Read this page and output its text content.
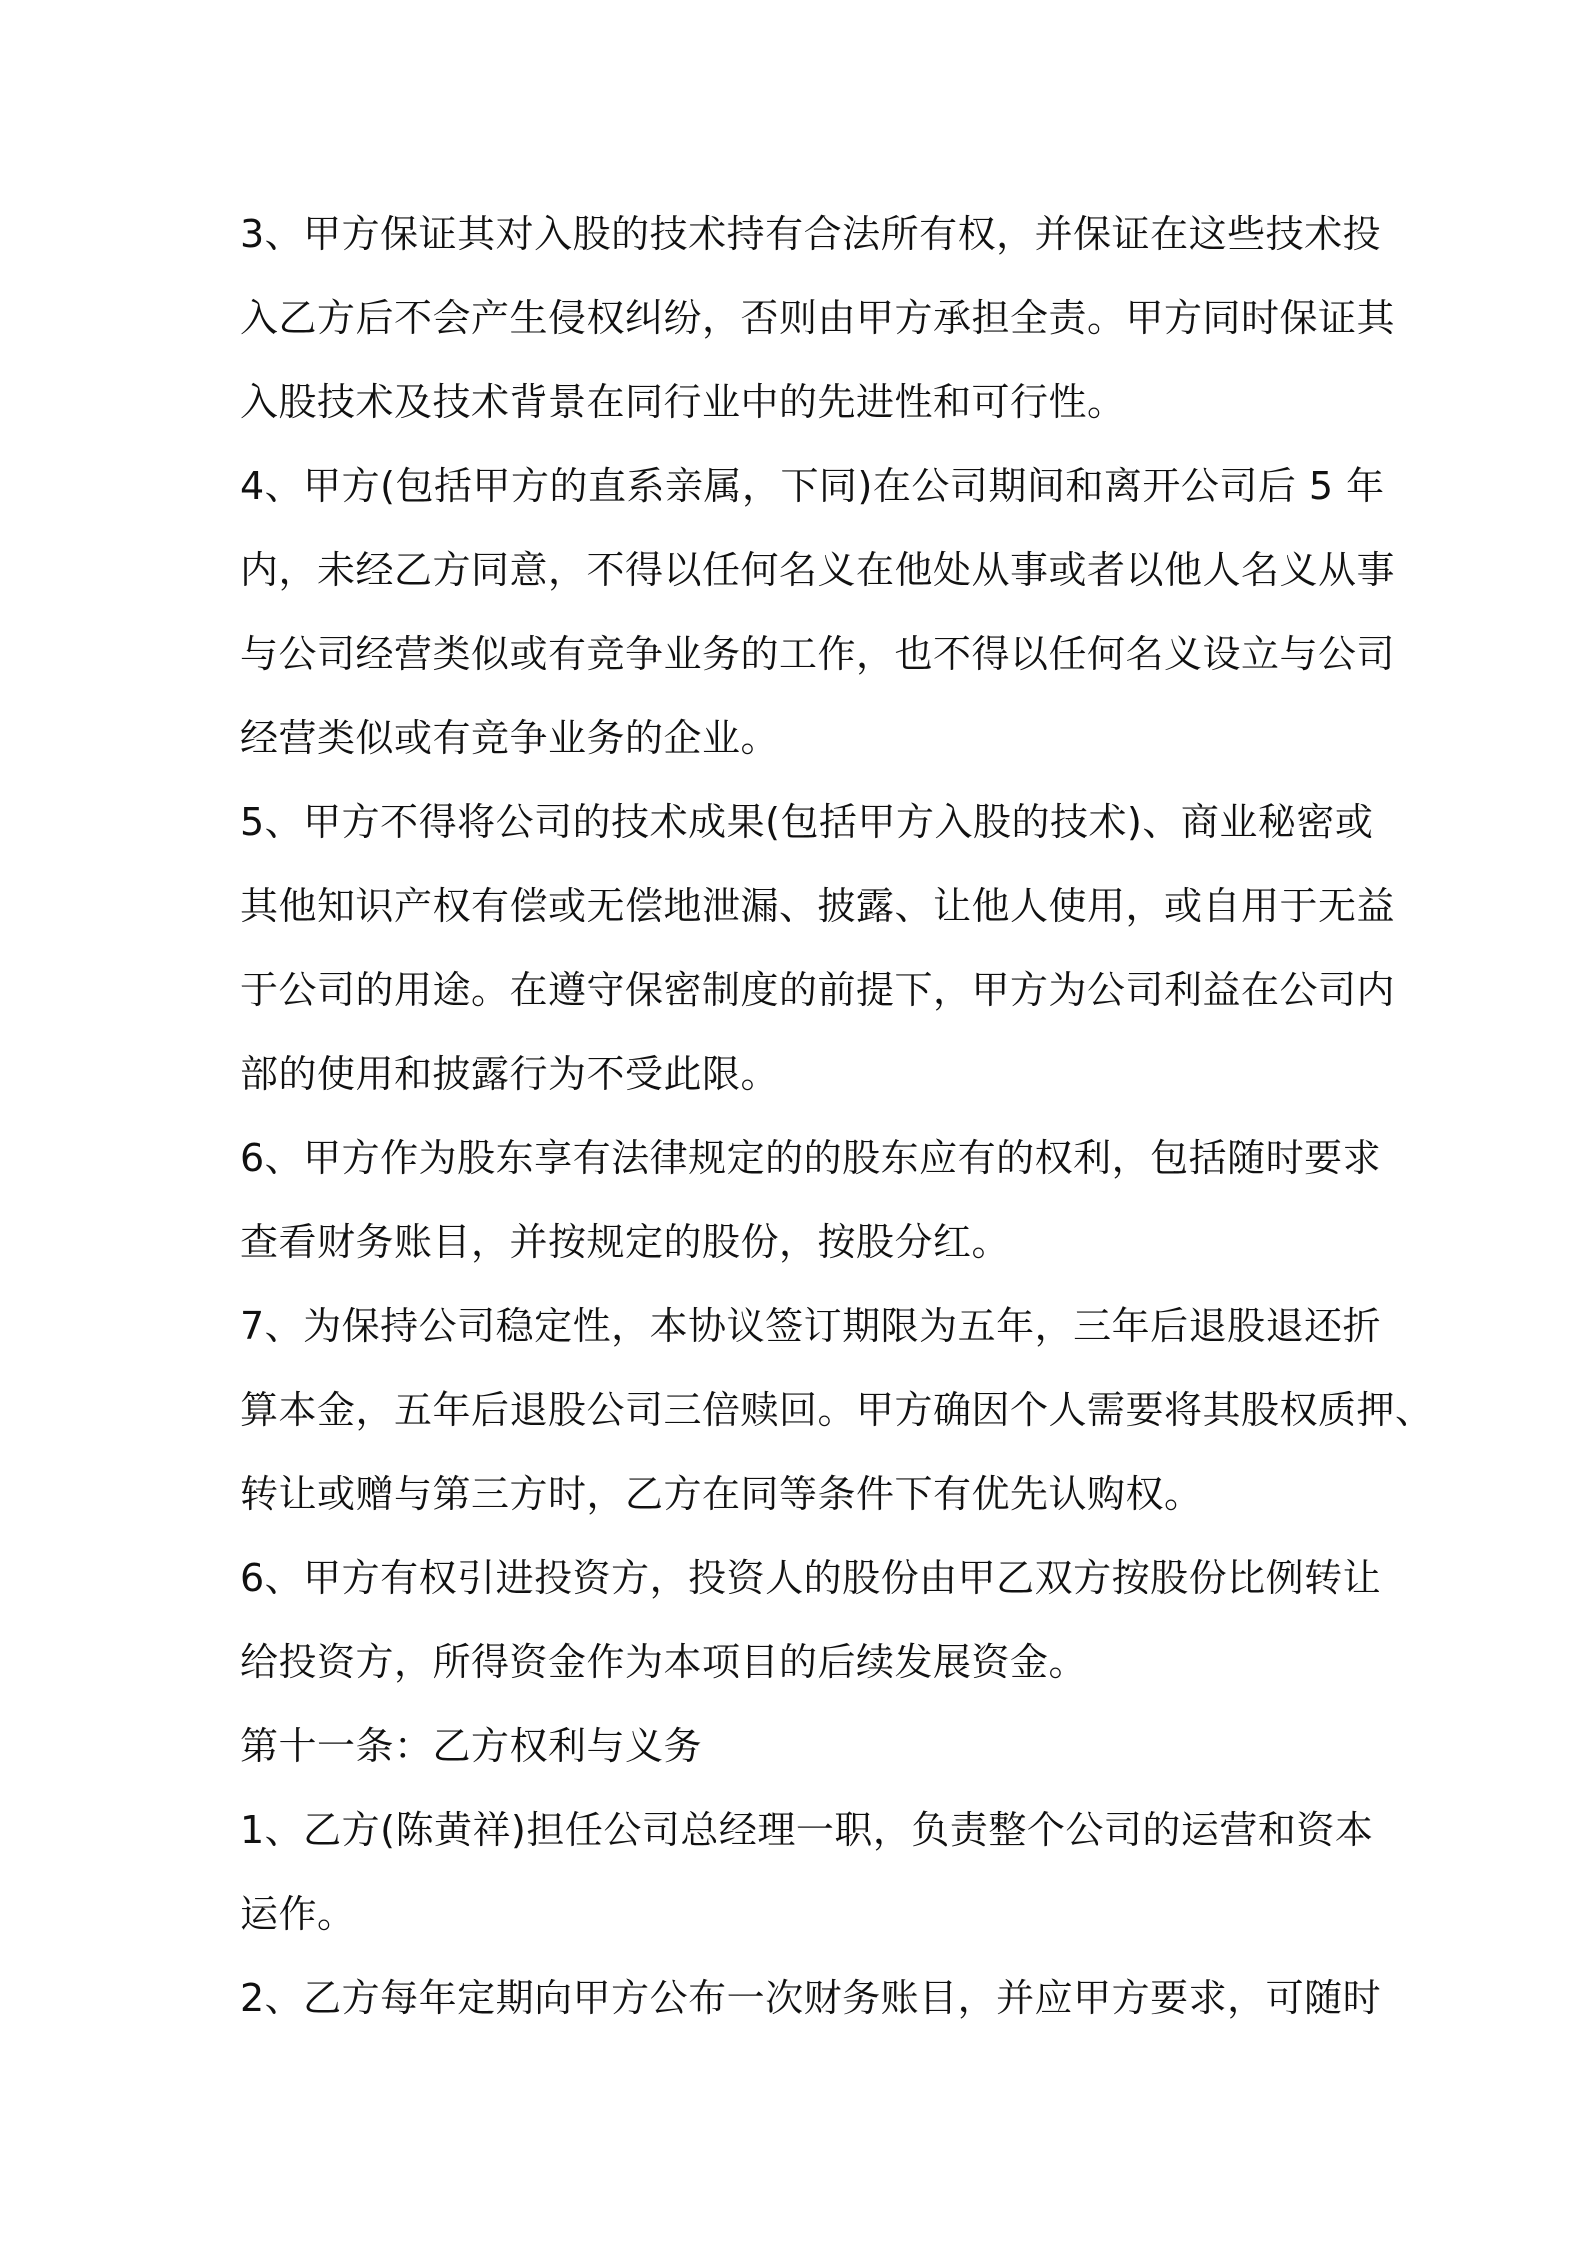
3、甲方保证其对入股的技术持有合法所有权，并保证在这些技术投
入乙方后不会产生侵权纠纷，否则由甲方承担全责。甲方同时保证其
入股技术及技术背景在同行业中的先进性和可行性。
4、甲方(包括甲方的直系亲属，下同)在公司期间和离开公司后 5 年
内，未经乙方同意，不得以任何名义在他处从事或者以他人名义从事
与公司经营类似或有竞争业务的工作，也不得以任何名义设立与公司
经营类似或有竞争业务的企业。
5、甲方不得将公司的技术成果(包括甲方入股的技术)、商业秘密或
其他知识产权有偿或无偿地泄漏、披露、让他人使用，或自用于无益
于公司的用途。在遵守保密制度的前提下，甲方为公司利益在公司内
部的使用和披露行为不受此限。
6、甲方作为股东享有法律规定的的股东应有的权利，包括随时要求
查看财务账目，并按规定的股份，按股分红。
7、为保持公司稳定性，本协议签订期限为五年，三年后退股退还折
算本金，五年后退股公司三倍赎回。甲方确因个人需要将其股权质押、
转让或赠与第三方时，乙方在同等条件下有优先认购权。
6、甲方有权引进投资方，投资人的股份由甲乙双方按股份比例转让
给投资方，所得资金作为本项目的后续发展资金。
第十一条：乙方权利与义务
1、乙方(陈黄祥)担任公司总经理一职，负责整个公司的运营和资本
运作。
2、乙方每年定期向甲方公布一次财务账目，并应甲方要求，可随时
